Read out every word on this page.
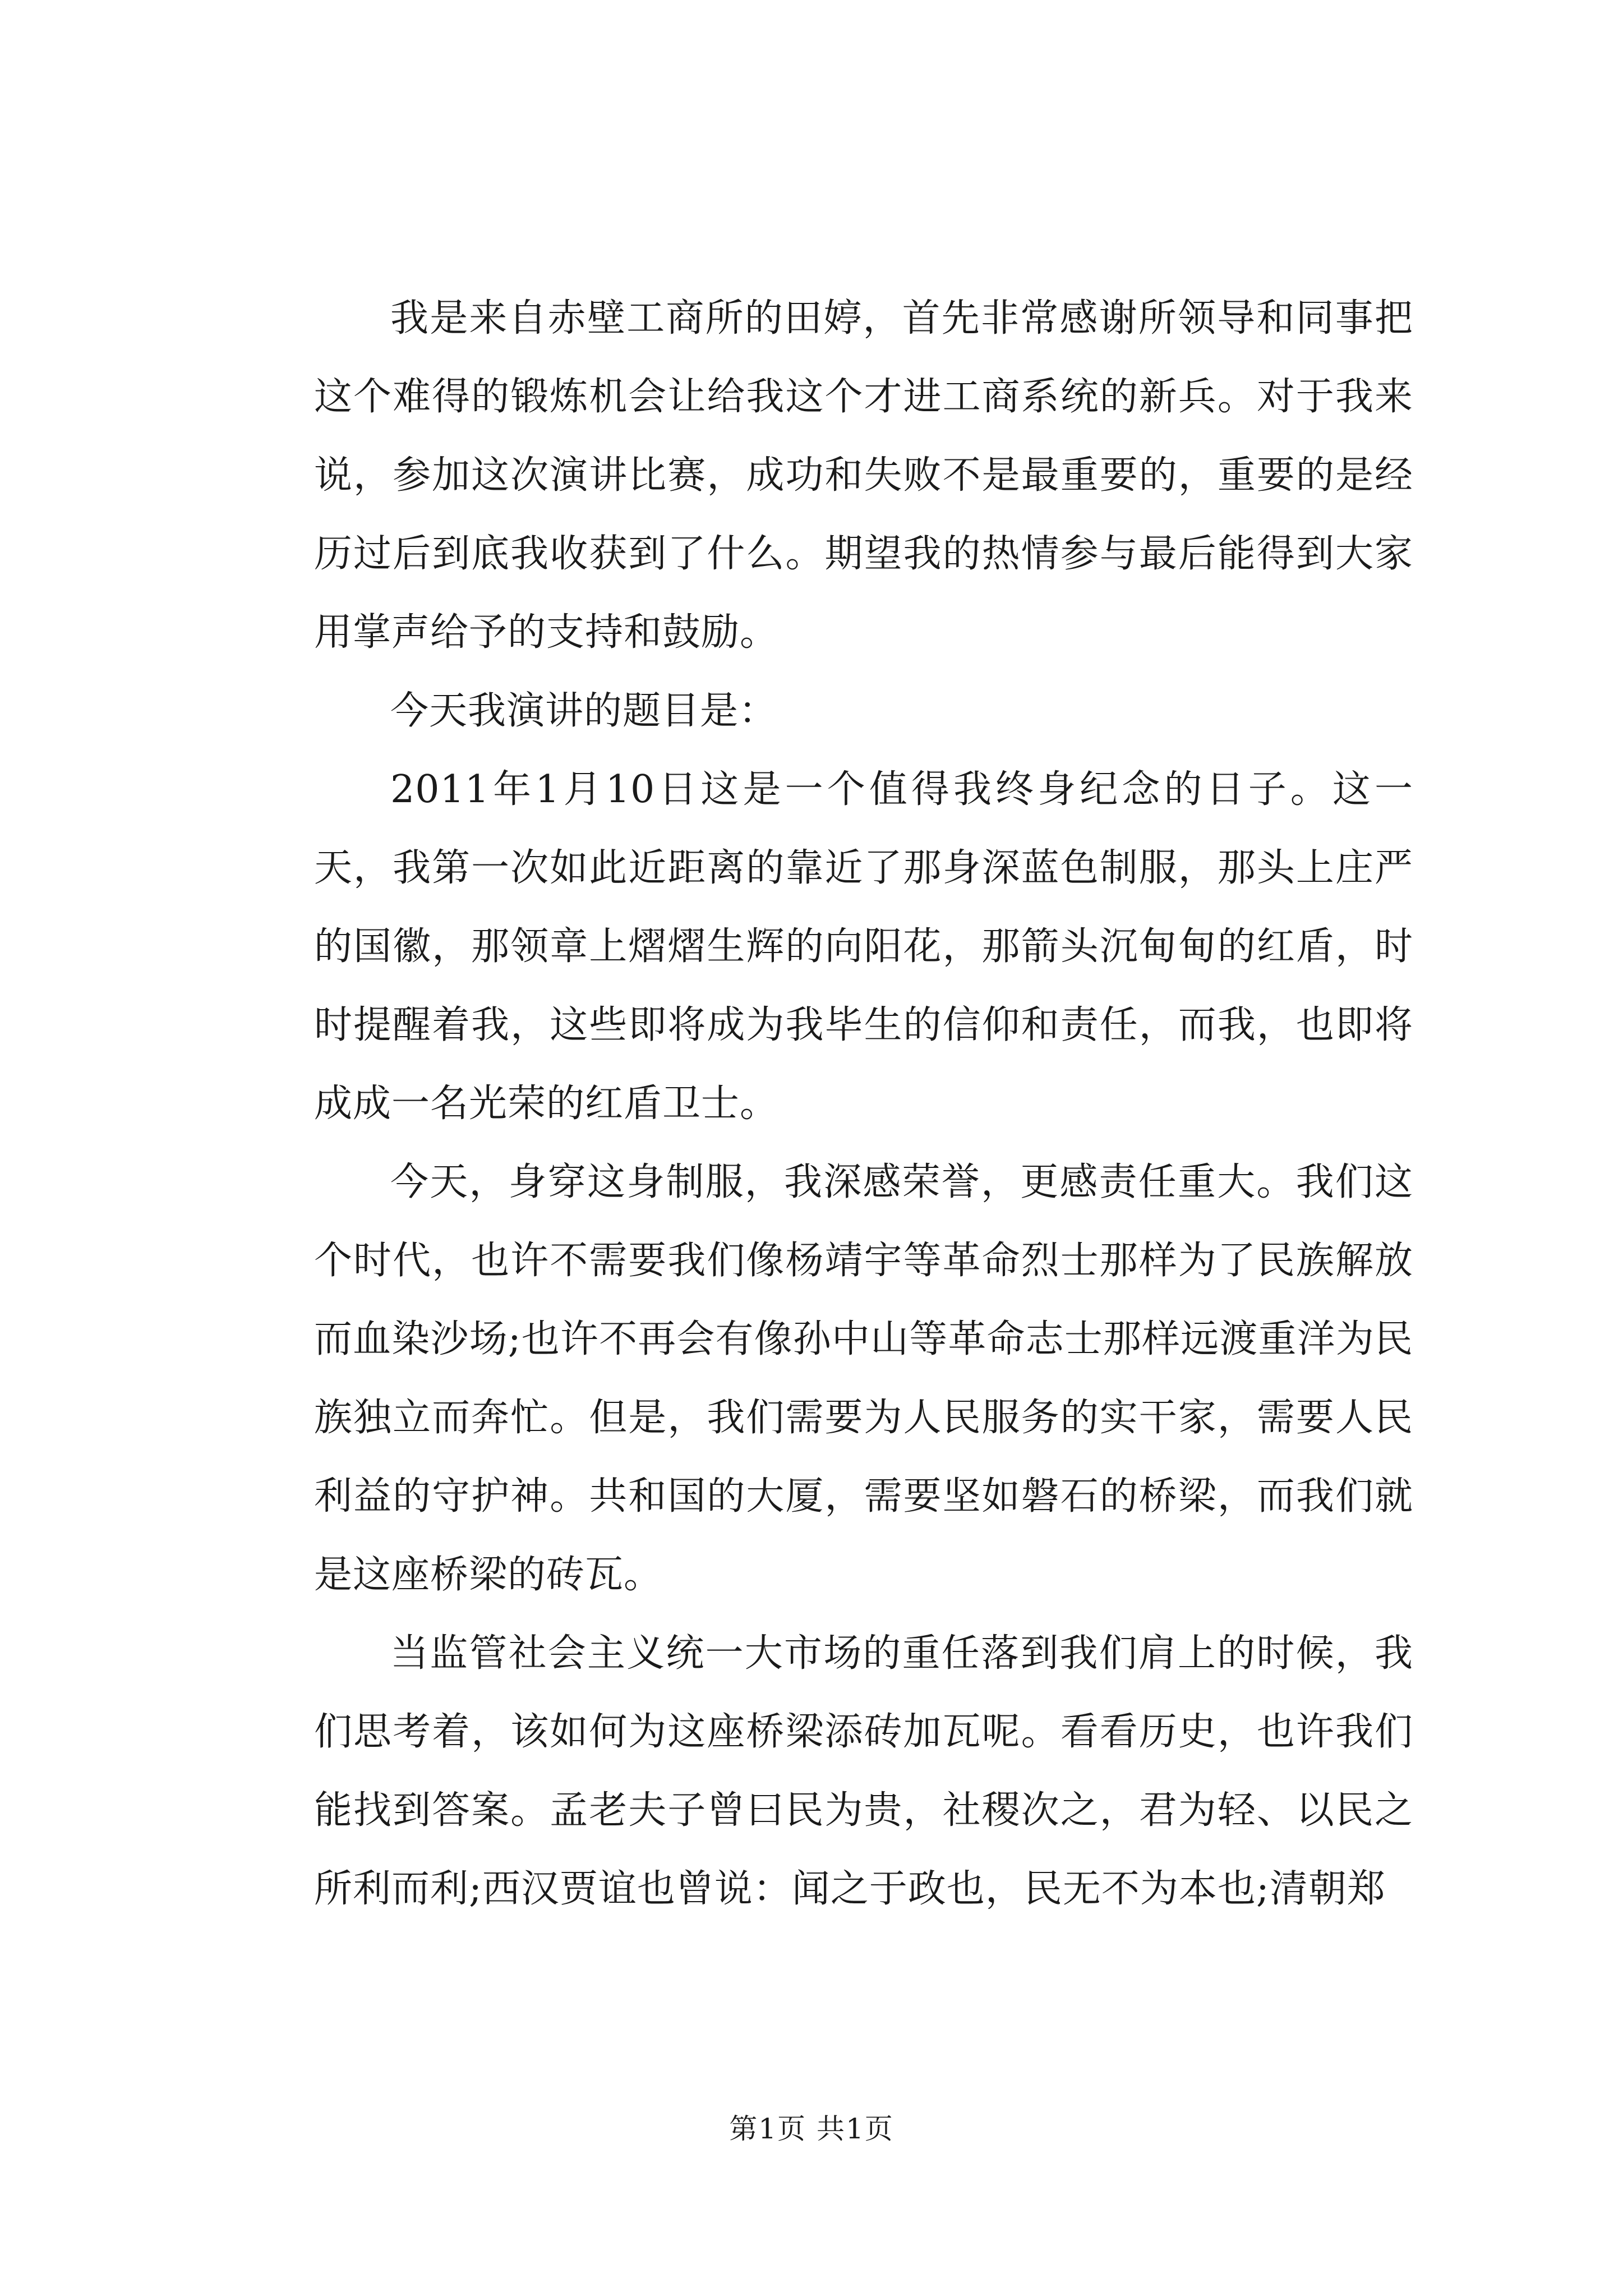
我是来自赤壁工商所的田婷，首先非常感谢所领导和同事把这个难得的锻炼机会让给我这个才进工商系统的新兵。对于我来说，参加这次演讲比赛，成功和失败不是最重要的，重要的是经历过后到底我收获到了什么。期望我的热情参与最后能得到大家用掌声给予的支持和鼓励。

今天我演讲的题目是：

2011年1月10日这是一个值得我终身纪念的日子。这一天，我第一次如此近距离的靠近了那身深蓝色制服，那头上庄严的国徽，那领章上熠熠生辉的向阳花，那箭头沉甸甸的红盾，时时提醒着我，这些即将成为我毕生的信仰和责任，而我，也即将成成一名光荣的红盾卫士。

今天，身穿这身制服，我深感荣誉，更感责任重大。我们这个时代，也许不需要我们像杨靖宇等革命烈士那样为了民族解放而血染沙场;也许不再会有像孙中山等革命志士那样远渡重洋为民族独立而奔忙。但是，我们需要为人民服务的实干家，需要人民利益的守护神。共和国的大厦，需要坚如磐石的桥梁，而我们就是这座桥梁的砖瓦。

当监管社会主义统一大市场的重任落到我们肩上的时候，我们思考着，该如何为这座桥梁添砖加瓦呢。看看历史，也许我们能找到答案。孟老夫子曾曰民为贵，社稷次之，君为轻、以民之所利而利;西汉贾谊也曾说：闻之于政也，民无不为本也;清朝郑

第1页 共1页
